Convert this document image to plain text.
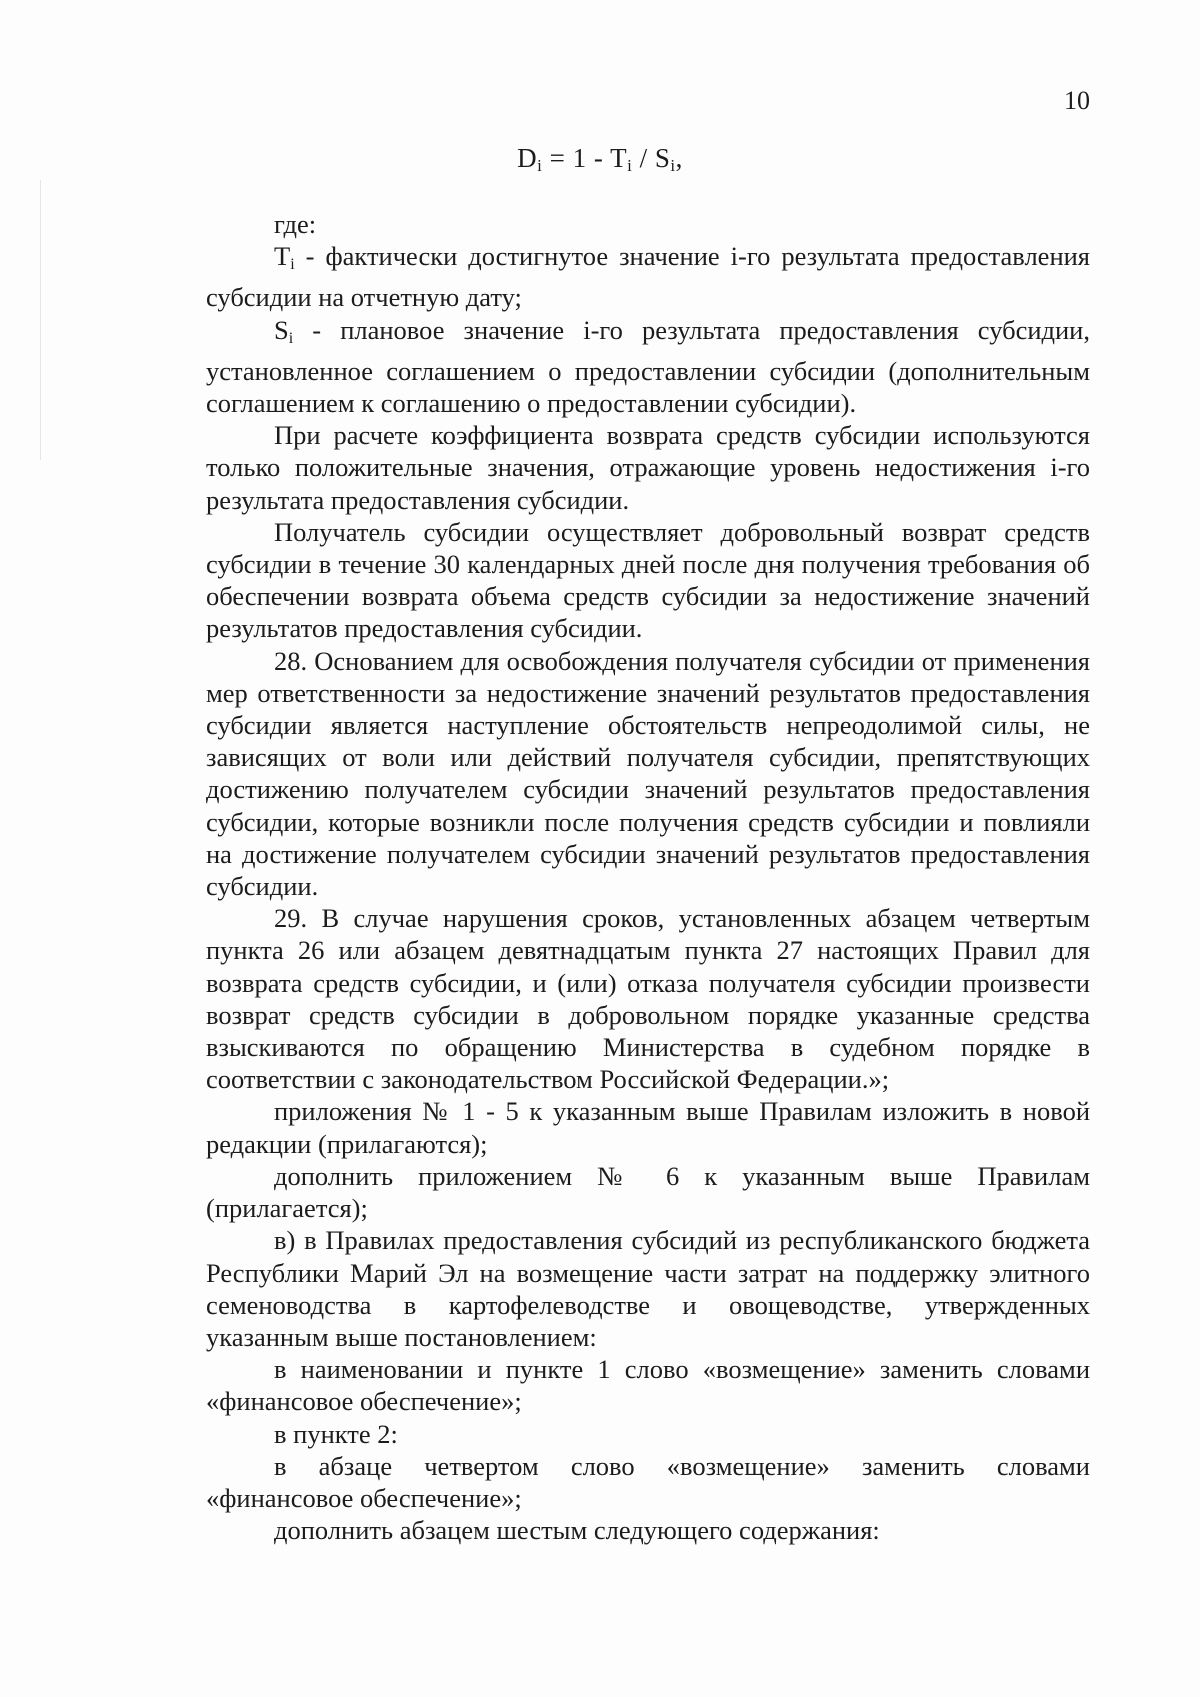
10
$D_i = 1 - T_i / S_i$,

где:

$T_i$ - фактически достигнутое значение i-го результата предоставления субсидии на отчетную дату;

$S_i$ - плановое значение i-го результата предоставления субсидии, установленное соглашением о предоставлении субсидии (дополнительным соглашением к соглашению о предоставлении субсидии).

При расчете коэффициента возврата средств субсидии используются только положительные значения, отражающие уровень недостижения i-го результата предоставления субсидии.

Получатель субсидии осуществляет добровольный возврат средств субсидии в течение 30 календарных дней после дня получения требования об обеспечении возврата объема средств субсидии за недостижение значений результатов предоставления субсидии.

28. Основанием для освобождения получателя субсидии от применения мер ответственности за недостижение значений результатов предоставления субсидии является наступление обстоятельств непреодолимой силы, не зависящих от воли или действий получателя субсидии, препятствующих достижению получателем субсидии значений результатов предоставления субсидии, которые возникли после получения средств субсидии и повлияли на достижение получателем субсидии значений результатов предоставления субсидии.

29. В случае нарушения сроков, установленных абзацем четвертым пункта 26 или абзацем девятнадцатым пункта 27 настоящих Правил для возврата средств субсидии, и (или) отказа получателя субсидии произвести возврат средств субсидии в добровольном порядке указанные средства взыскиваются по обращению Министерства в судебном порядке в соответствии с законодательством Российской Федерации.»;

приложения № 1 - 5 к указанным выше Правилам изложить в новой редакции (прилагаются);

дополнить приложением № 6 к указанным выше Правилам (прилагается);

в) в Правилах предоставления субсидий из республиканского бюджета Республики Марий Эл на возмещение части затрат на поддержку элитного семеноводства в картофелеводстве и овощеводстве, утвержденных указанным выше постановлением:

в наименовании и пункте 1 слово «возмещение» заменить словами «финансовое обеспечение»;

в пункте 2:

в абзаце четвертом слово «возмещение» заменить словами «финансовое обеспечение»;

дополнить абзацем шестым следующего содержания:
